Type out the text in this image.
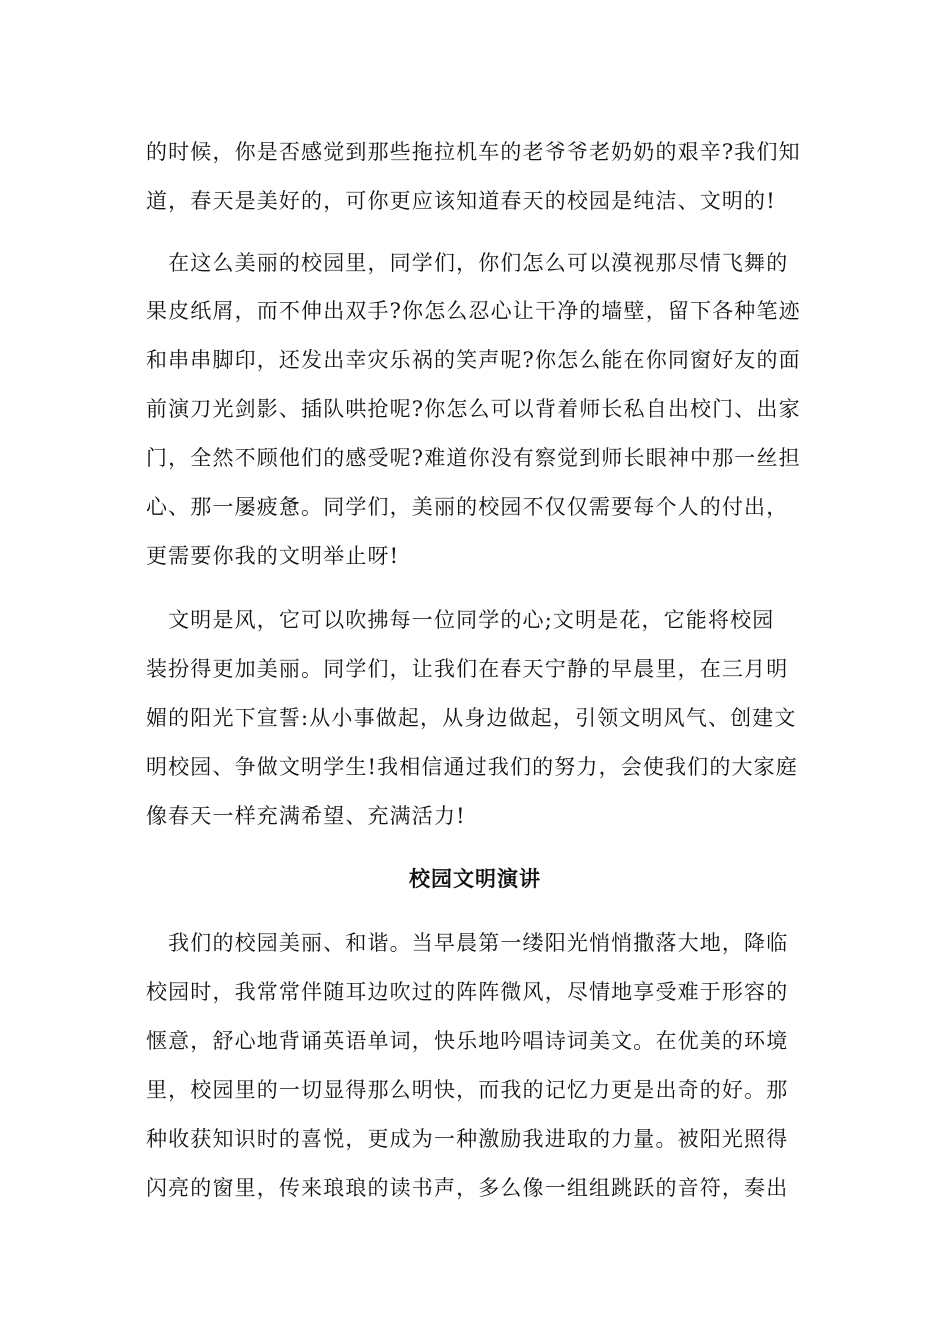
的时候，你是否感觉到那些拖拉机车的老爷爷老奶奶的艰辛?我们知
道，春天是美好的，可你更应该知道春天的校园是纯洁、文明的!
　在这么美丽的校园里，同学们，你们怎么可以漠视那尽情飞舞的
果皮纸屑，而不伸出双手?你怎么忍心让干净的墙壁，留下各种笔迹
和串串脚印，还发出幸灾乐祸的笑声呢?你怎么能在你同窗好友的面
前演刀光剑影、插队哄抢呢?你怎么可以背着师长私自出校门、出家
门，全然不顾他们的感受呢?难道你没有察觉到师长眼神中那一丝担
心、那一屡疲惫。同学们，美丽的校园不仅仅需要每个人的付出，
更需要你我的文明举止呀!
　文明是风，它可以吹拂每一位同学的心;文明是花，它能将校园
装扮得更加美丽。同学们，让我们在春天宁静的早晨里，在三月明
媚的阳光下宣誓:从小事做起，从身边做起，引领文明风气、创建文
明校园、争做文明学生!我相信通过我们的努力，会使我们的大家庭
像春天一样充满希望、充满活力!
校园文明演讲
　我们的校园美丽、和谐。当早晨第一缕阳光悄悄撒落大地，降临
校园时，我常常伴随耳边吹过的阵阵微风，尽情地享受难于形容的
惬意，舒心地背诵英语单词，快乐地吟唱诗词美文。在优美的环境
里，校园里的一切显得那么明快，而我的记忆力更是出奇的好。那
种收获知识时的喜悦，更成为一种激励我进取的力量。被阳光照得
闪亮的窗里，传来琅琅的读书声，多么像一组组跳跃的音符，奏出
